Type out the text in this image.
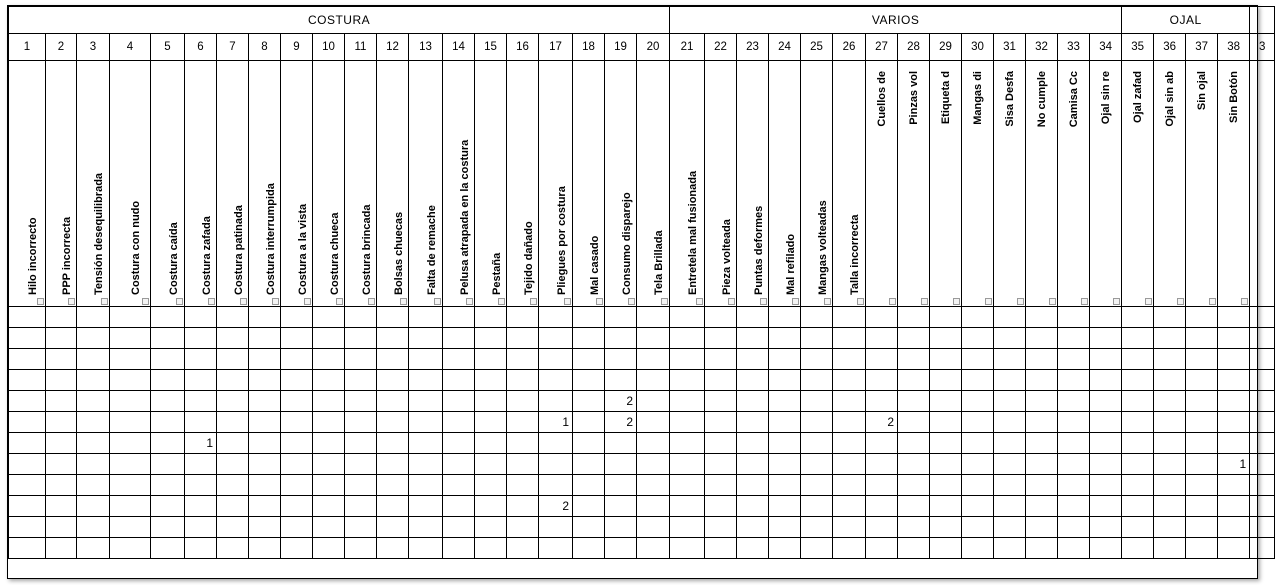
COSTURA																				VARIOS														OJAL				
1	2	3	4	5	6	7	8	9	10	11	12	13	14	15	16	17	18	19	20	21	22	23	24	25	26	27	28	29	30	31	32	33	34	35	36	37	38	3

Hilo incorrecto	PPP incorrecta	Tensión desequilibrada	Costura con nudo	Costura caída	Costura zafada	Costura patinada	Costura interrumpida	Costura a la vista	Costura chueca	Costura brincada	Bolsas chuecas	Falta de remache	Pelusa atrapada en la costura	Pestaña	Tejido dañado	Pliegues por costura	Mal casado	Consumo disparejo	Tela Brillada	Entretela mal fusionada	Pieza volteada	Puntas deformes	Mal refilado	Mangas volteadas	Talla incorrecta	Cuellos de	Pinzas vol	Etiqueta d	Mangas di	Sisa Desfa	No cumple	Camisa Cc	Ojal sin re	Ojal zafad	Ojal sin ab	Sin ojal	Sin Botón	

																		2																				
																1		2								2												
					1																																	
																																					1	

																2																						
